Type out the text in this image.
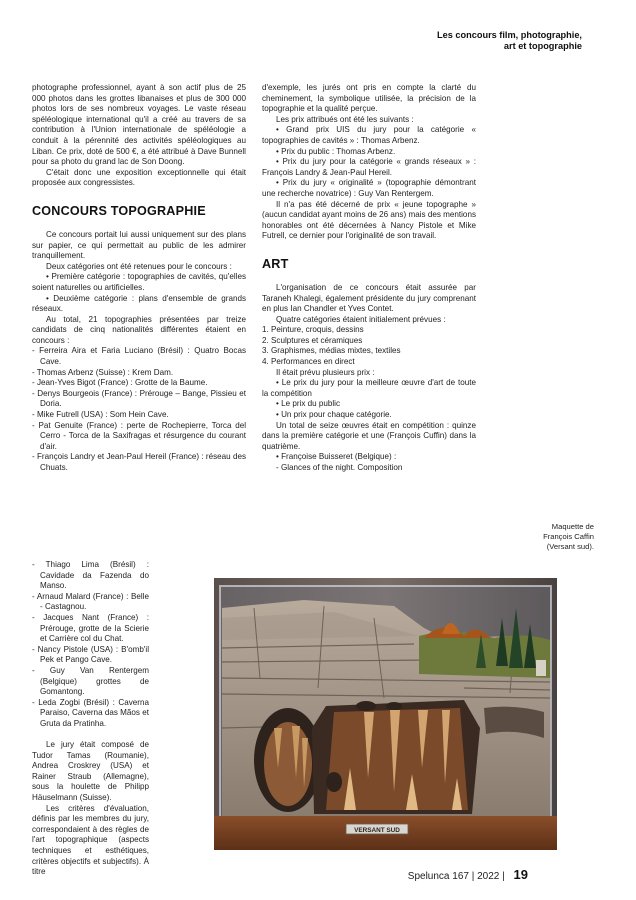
Les concours film, photographie,
art et topographie

photographe professionnel, ayant à son actif plus de 25 000 photos dans les grottes libanaises et plus de 300 000 photos lors de ses nombreux voyages. Le vaste réseau spéléologique international qu'il a créé au travers de sa contribution à l'Union internationale de spéléologie a conduit à la pérennité des activités spéléologiques au Liban. Ce prix, doté de 500 €, a été attribué à Dave Bunnell pour sa photo du grand lac de Son Doong.

C'était donc une exposition exceptionnelle qui était proposée aux congressistes.

CONCOURS TOPOGRAPHIE

Ce concours portait lui aussi uniquement sur des plans sur papier, ce qui permettait au public de les admirer tranquillement.

Deux catégories ont été retenues pour le concours :

• Première catégorie : topographies de cavités, qu'elles soient naturelles ou artificielles.

• Deuxième catégorie : plans d'ensemble de grands réseaux.

Au total, 21 topographies présentées par treize candidats de cinq nationalités différentes étaient en concours :

- Ferreira Aira et Faria Luciano (Brésil) : Quatro Bocas Cave.

- Thomas Arbenz (Suisse) : Krem Dam.

- Jean-Yves Bigot (France) : Grotte de la Baume.

- Denys Bourgeois (France) : Prérouge – Bange, Pissieu et Doria.

- Mike Futrell (USA) : Som Hein Cave.

- Pat Genuite (France) : perte de Rochepierre, Torca del Cerro - Torca de la Saxifragas et résurgence du courant d'air.

- François Landry et Jean-Paul Hereil (France) : réseau des Chuats.

- Thiago Lima (Brésil) : Cavidade da Fazenda do Manso.

- Arnaud Malard (France) : Belle - Castagnou.

- Jacques Nant (France) : Prérouge, grotte de la Scierie et Carrière col du Chat.

- Nancy Pistole (USA) : B'omb'il Pek et Pango Cave.

- Guy Van Rentergem (Belgique) grottes de Gomantong.

- Leda Zogbi (Brésil) : Caverna Paraiso, Caverna das Mãos et Gruta da Pratinha.

Le jury était composé de Tudor Tamas (Roumanie), Andrea Croskrey (USA) et Rainer Straub (Allemagne), sous la houlette de Philipp Häuselmann (Suisse).

Les critères d'évaluation, définis par les membres du jury, correspondaient à des règles de l'art topographique (aspects techniques et esthétiques, critères objectifs et subjectifs). À titre

d'exemple, les jurés ont pris en compte la clarté du cheminement, la symbolique utilisée, la précision de la topographie et la qualité perçue.

Les prix attribués ont été les suivants :

• Grand prix UIS du jury pour la catégorie « topographies de cavités » : Thomas Arbenz.

• Prix du public : Thomas Arbenz.

• Prix du jury pour la catégorie « grands réseaux » : François Landry & Jean-Paul Hereil.

• Prix du jury « originalité » (topographie démontrant une recherche novatrice) : Guy Van Rentergem.

Il n'a pas été décerné de prix « jeune topographe » (aucun candidat ayant moins de 26 ans) mais des mentions honorables ont été décernées à Nancy Pistole et Mike Futrell, ce dernier pour l'originalité de son travail.

ART

L'organisation de ce concours était assurée par Taraneh Khalegi, également présidente du jury comprenant en plus Ian Chandler et Yves Contet.

Quatre catégories étaient initialement prévues :

1. Peinture, croquis, dessins

2. Sculptures et céramiques

3. Graphismes, médias mixtes, textiles

4. Performances en direct

Il était prévu plusieurs prix :

• Le prix du jury pour la meilleure œuvre d'art de toute la compétition

• Le prix du public

• Un prix pour chaque catégorie.

Un total de seize œuvres était en compétition : quinze dans la première catégorie et une (François Cuffin) dans la quatrième.

• Françoise Buisseret (Belgique) :

- Glances of the night. Composition

Maquette de
François Caffin
(Versant sud).
VERSANT SUD
Spelunca 167 | 2022 | 19
